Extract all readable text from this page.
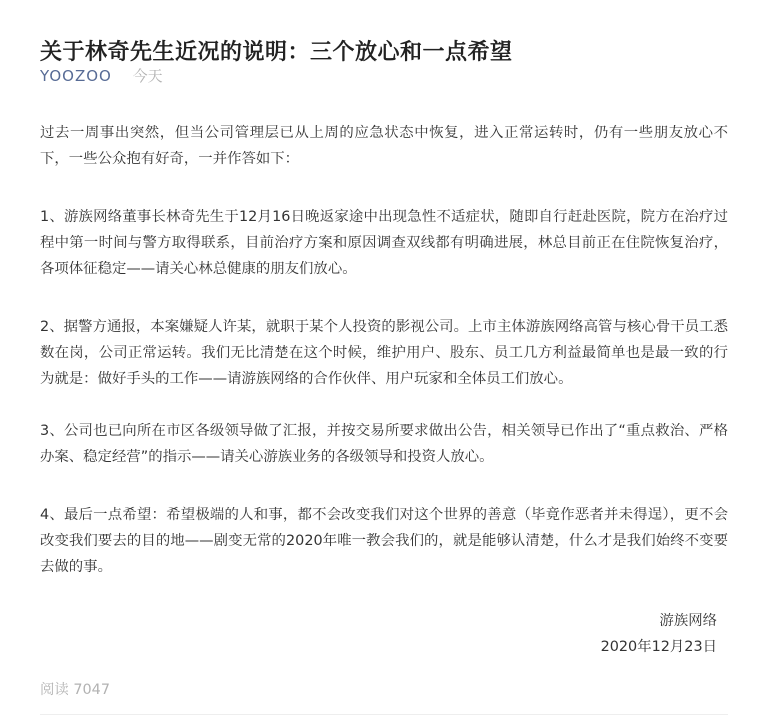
关于林奇先生近况的说明：三个放心和一点希望
YOOZOO 今天

过去一周事出突然，但当公司管理层已从上周的应急状态中恢复，进入正常运转时，仍有一些朋友放心不下，一些公众抱有好奇，一并作答如下：

1、游族网络董事长林奇先生于12月16日晚返家途中出现急性不适症状，随即自行赶赴医院，院方在治疗过程中第一时间与警方取得联系，目前治疗方案和原因调查双线都有明确进展，林总目前正在住院恢复治疗，各项体征稳定——请关心林总健康的朋友们放心。

2、据警方通报，本案嫌疑人许某，就职于某个人投资的影视公司。上市主体游族网络高管与核心骨干员工悉数在岗，公司正常运转。我们无比清楚在这个时候，维护用户、股东、员工几方利益最简单也是最一致的行为就是：做好手头的工作——请游族网络的合作伙伴、用户玩家和全体员工们放心。

3、公司也已向所在市区各级领导做了汇报，并按交易所要求做出公告，相关领导已作出了“重点救治、严格办案、稳定经营”的指示——请关心游族业务的各级领导和投资人放心。

4、最后一点希望：希望极端的人和事，都不会改变我们对这个世界的善意（毕竟作恶者并未得逞），更不会改变我们要去的目的地——剧变无常的2020年唯一教会我们的，就是能够认清楚，什么才是我们始终不变要去做的事。

游族网络
2020年12月23日
阅读 7047
